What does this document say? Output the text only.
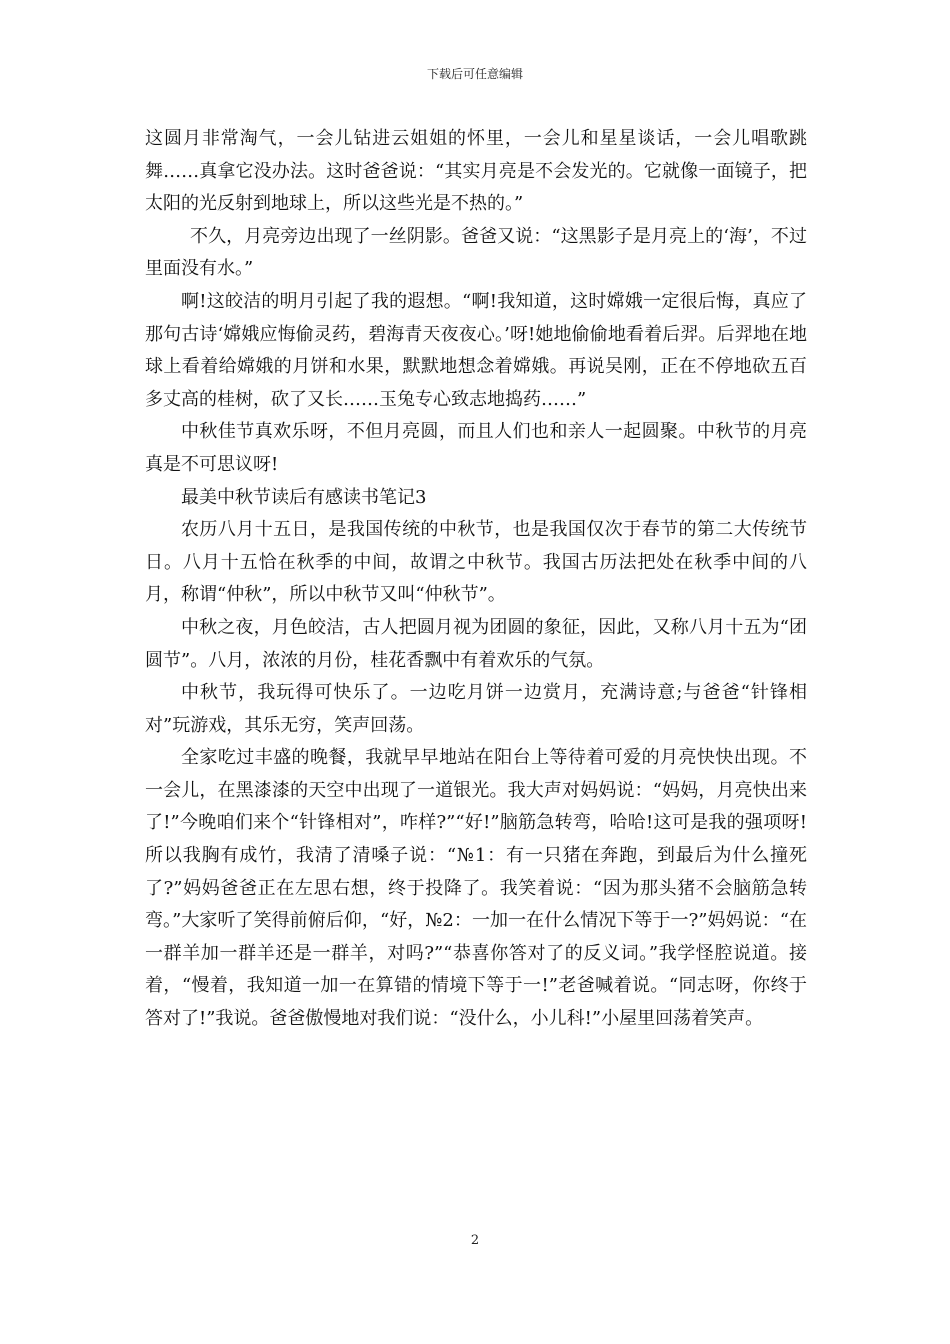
下载后可任意编辑

这圆月非常淘气，一会儿钻进云姐姐的怀里，一会儿和星星谈话，一会儿唱歌跳舞……真拿它没办法。这时爸爸说：“其实月亮是不会发光的。它就像一面镜子，把太阳的光反射到地球上，所以这些光是不热的。”

不久，月亮旁边出现了一丝阴影。爸爸又说：“这黑影子是月亮上的‘海’，不过里面没有水。”

啊!这皎洁的明月引起了我的遐想。“啊!我知道，这时嫦娥一定很后悔，真应了那句古诗‘嫦娥应悔偷灵药，碧海青天夜夜心。’呀!她地偷偷地看着后羿。后羿地在地球上看着给嫦娥的月饼和水果，默默地想念着嫦娥。再说吴刚，正在不停地砍五百多丈高的桂树，砍了又长……玉兔专心致志地捣药……”

中秋佳节真欢乐呀，不但月亮圆，而且人们也和亲人一起圆聚。中秋节的月亮真是不可思议呀!

最美中秋节读后有感读书笔记3

农历八月十五日，是我国传统的中秋节，也是我国仅次于春节的第二大传统节日。八月十五恰在秋季的中间，故谓之中秋节。我国古历法把处在秋季中间的八月，称谓“仲秋”，所以中秋节又叫“仲秋节”。

中秋之夜，月色皎洁，古人把圆月视为团圆的象征，因此，又称八月十五为“团圆节”。八月，浓浓的月份，桂花香飘中有着欢乐的气氛。

中秋节，我玩得可快乐了。一边吃月饼一边赏月，充满诗意;与爸爸“针锋相对”玩游戏，其乐无穷，笑声回荡。

全家吃过丰盛的晚餐，我就早早地站在阳台上等待着可爱的月亮快快出现。不一会儿，在黑漆漆的天空中出现了一道银光。我大声对妈妈说：“妈妈，月亮快出来了!”今晚咱们来个“针锋相对”，咋样?”“好!”脑筋急转弯，哈哈!这可是我的强项呀!所以我胸有成竹，我清了清嗓子说：“№1：有一只猪在奔跑，到最后为什么撞死了?”妈妈爸爸正在左思右想，终于投降了。我笑着说：“因为那头猪不会脑筋急转弯。”大家听了笑得前俯后仰，“好，№2：一加一在什么情况下等于一?”妈妈说：“在一群羊加一群羊还是一群羊，对吗?”“恭喜你答对了的反义词。”我学怪腔说道。接着，“慢着，我知道一加一在算错的情境下等于一!”老爸喊着说。“同志呀，你终于答对了!”我说。爸爸傲慢地对我们说：“没什么，小儿科!”小屋里回荡着笑声。

2
